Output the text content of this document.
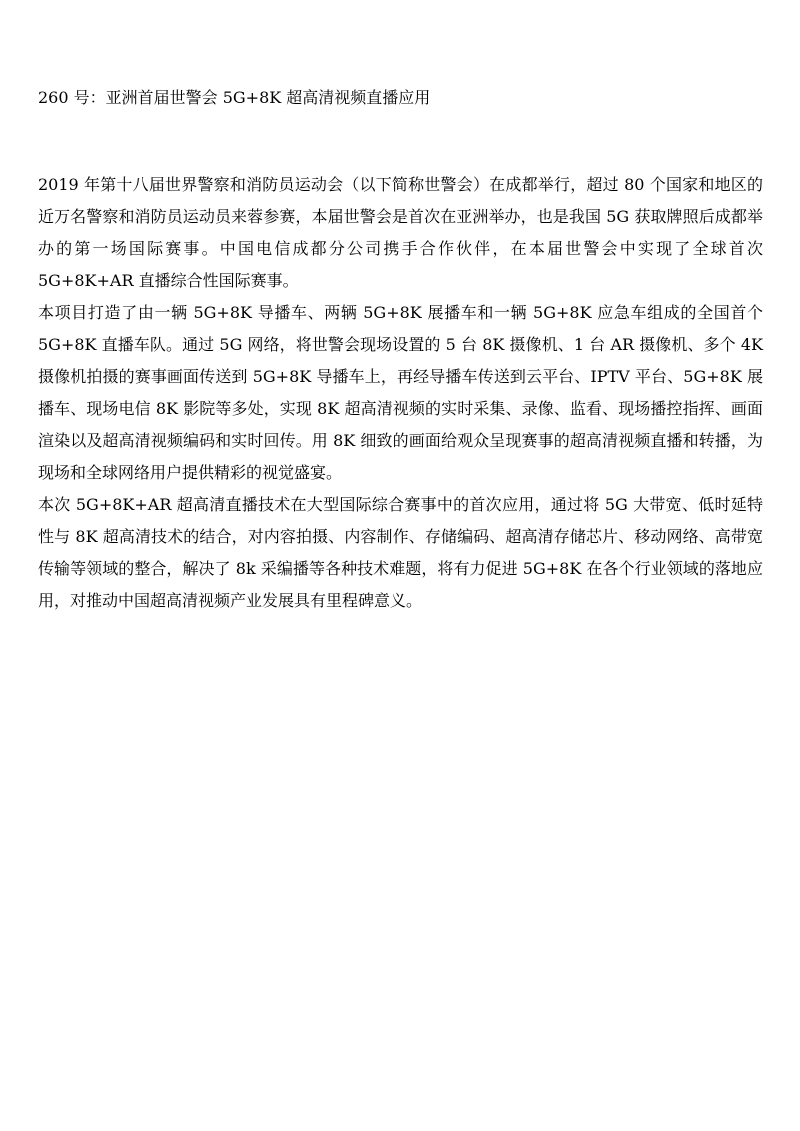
260 号：亚洲首届世警会 5G+8K 超高清视频直播应用

2019 年第十八届世界警察和消防员运动会（以下简称世警会）在成都举行，超过 80 个国家和地区的近万名警察和消防员运动员来蓉参赛，本届世警会是首次在亚洲举办，也是我国 5G 获取牌照后成都举办的第一场国际赛事。中国电信成都分公司携手合作伙伴，在本届世警会中实现了全球首次 5G+8K+AR 直播综合性国际赛事。

本项目打造了由一辆 5G+8K 导播车、两辆 5G+8K 展播车和一辆 5G+8K 应急车组成的全国首个 5G+8K 直播车队。通过 5G 网络，将世警会现场设置的 5 台 8K 摄像机、1 台 AR 摄像机、多个 4K 摄像机拍摄的赛事画面传送到 5G+8K 导播车上，再经导播车传送到云平台、IPTV 平台、5G+8K 展播车、现场电信 8K 影院等多处，实现 8K 超高清视频的实时采集、录像、监看、现场播控指挥、画面渲染以及超高清视频编码和实时回传。用 8K 细致的画面给观众呈现赛事的超高清视频直播和转播，为现场和全球网络用户提供精彩的视觉盛宴。

本次 5G+8K+AR 超高清直播技术在大型国际综合赛事中的首次应用，通过将 5G 大带宽、低时延特性与 8K 超高清技术的结合，对内容拍摄、内容制作、存储编码、超高清存储芯片、移动网络、高带宽传输等领域的整合，解决了 8k 采编播等各种技术难题，将有力促进 5G+8K 在各个行业领域的落地应用，对推动中国超高清视频产业发展具有里程碑意义。
